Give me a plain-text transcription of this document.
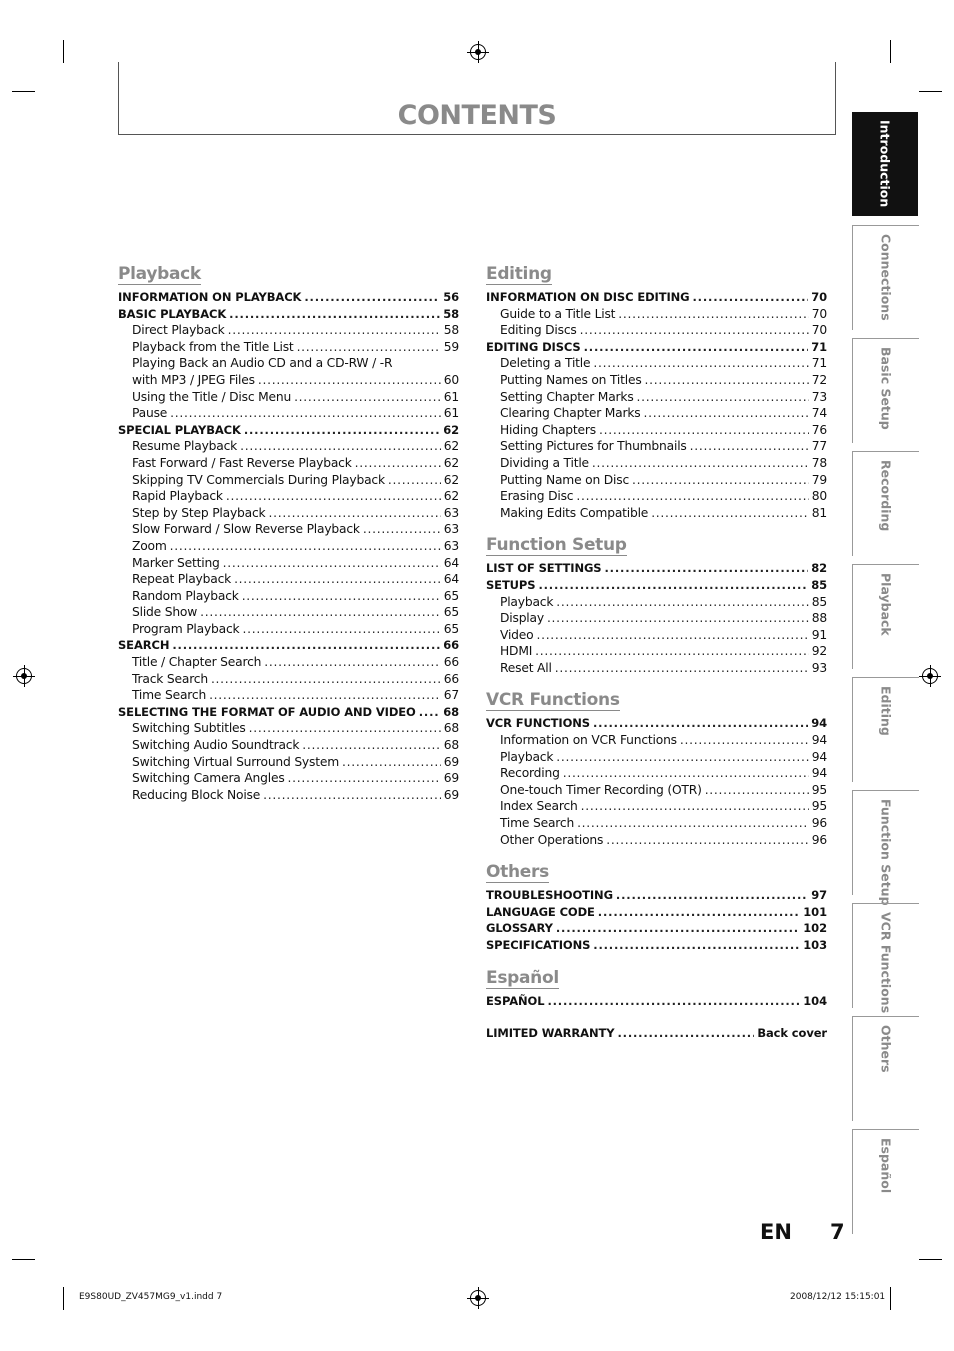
CONTENTS
Playback
INFORMATION ON PLAYBACK . . .	56
BASIC PLAYBACK . . .	58
Direct Playback . . .	58
Playback from the Title List . . .	59
Playing Back an Audio CD and a CD-RW / -R
with MP3 / JPEG Files . . .	60
Using the Title / Disc Menu . . .	61
Pause . . .	61
SPECIAL PLAYBACK . . .	62
Resume Playback . . .	62
Fast Forward / Fast Reverse Playback . . .	62
Skipping TV Commercials During Playback . . .	62
Rapid Playback . . .	62
Step by Step Playback . . .	63
Slow Forward / Slow Reverse Playback . . .	63
Zoom . . .	63
Marker Setting . . .	64
Repeat Playback . . .	64
Random Playback . . .	65
Slide Show . . .	65
Program Playback . . .	65
SEARCH . . .	66
Title / Chapter Search . . .	66
Track Search . . .	66
Time Search . . .	67
SELECTING THE FORMAT OF AUDIO AND VIDEO . . . 68
Switching Subtitles . . .	68
Switching Audio Soundtrack . . .	68
Switching Virtual Surround System . . .	69
Switching Camera Angles . . .	69
Reducing Block Noise . . .	69
Editing
INFORMATION ON DISC EDITING . . .	70
Guide to a Title List . . .	70
Editing Discs . . .	70
EDITING DISCS . . .	71
Deleting a Title . . .	71
Putting Names on Titles . . .	72
Setting Chapter Marks . . .	73
Clearing Chapter Marks . . .	74
Hiding Chapters . . .	76
Setting Pictures for Thumbnails . . .	77
Dividing a Title . . .	78
Putting Name on Disc . . .	79
Erasing Disc . . .	80
Making Edits Compatible . . .	81
Function Setup
LIST OF SETTINGS . . .	82
SETUPS . . .	85
Playback . . .	85
Display . . .	88
Video . . .	91
HDMI . . .	92
Reset All . . .	93
VCR Functions
VCR FUNCTIONS . . .	94
Information on VCR Functions . . .	94
Playback . . .	94
Recording . . .	94
One-touch Timer Recording (OTR) . . .	95
Index Search . . .	95
Time Search . . .	96
Other Operations . . .	96
Others
TROUBLESHOOTING . . .	97
LANGUAGE CODE . . .	101
GLOSSARY . . .	102
SPECIFICATIONS . . .	103
Español
ESPAÑOL . . .	104
LIMITED WARRANTY . . .	Back cover
Introduction
Connections
Basic Setup
Recording
Playback
Editing
Function Setup
VCR Functions
Others
Español
EN 7
E9S80UD_ZV457MG9_v1.indd 7	2008/12/12 15:15:01
